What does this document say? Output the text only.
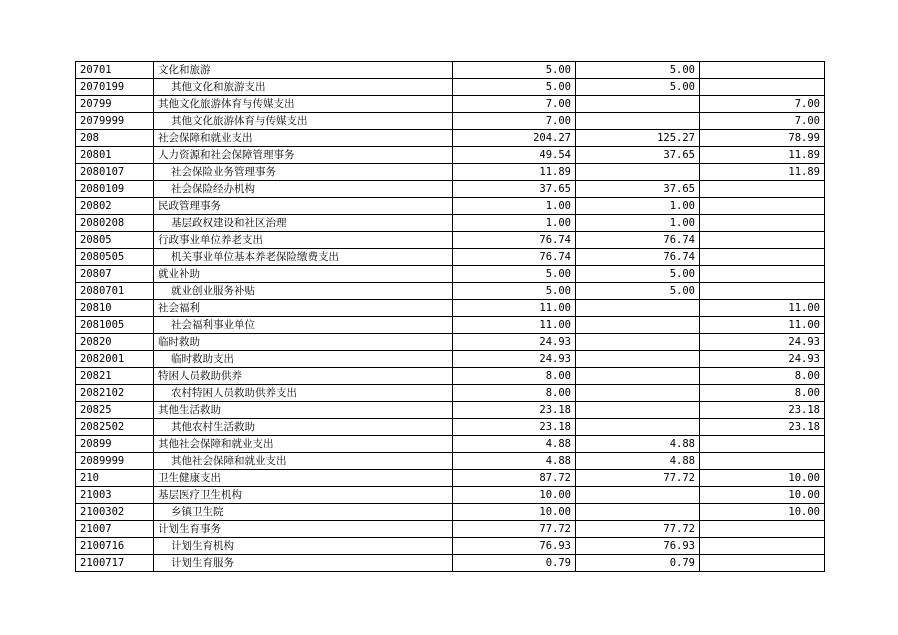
20701	文化和旅游	5.00	5.00	
2070199	其他文化和旅游支出	5.00	5.00	
20799	其他文化旅游体育与传媒支出	7.00		7.00
2079999	其他文化旅游体育与传媒支出	7.00		7.00
208	社会保障和就业支出	204.27	125.27	78.99
20801	人力资源和社会保障管理事务	49.54	37.65	11.89
2080107	社会保险业务管理事务	11.89		11.89
2080109	社会保险经办机构	37.65	37.65	
20802	民政管理事务	1.00	1.00	
2080208	基层政权建设和社区治理	1.00	1.00	
20805	行政事业单位养老支出	76.74	76.74	
2080505	机关事业单位基本养老保险缴费支出	76.74	76.74	
20807	就业补助	5.00	5.00	
2080701	就业创业服务补贴	5.00	5.00	
20810	社会福利	11.00		11.00
2081005	社会福利事业单位	11.00		11.00
20820	临时救助	24.93		24.93
2082001	临时救助支出	24.93		24.93
20821	特困人员救助供养	8.00		8.00
2082102	农村特困人员救助供养支出	8.00		8.00
20825	其他生活救助	23.18		23.18
2082502	其他农村生活救助	23.18		23.18
20899	其他社会保障和就业支出	4.88	4.88	
2089999	其他社会保障和就业支出	4.88	4.88	
210	卫生健康支出	87.72	77.72	10.00
21003	基层医疗卫生机构	10.00		10.00
2100302	乡镇卫生院	10.00		10.00
21007	计划生育事务	77.72	77.72	
2100716	计划生育机构	76.93	76.93	
2100717	计划生育服务	0.79	0.79	
